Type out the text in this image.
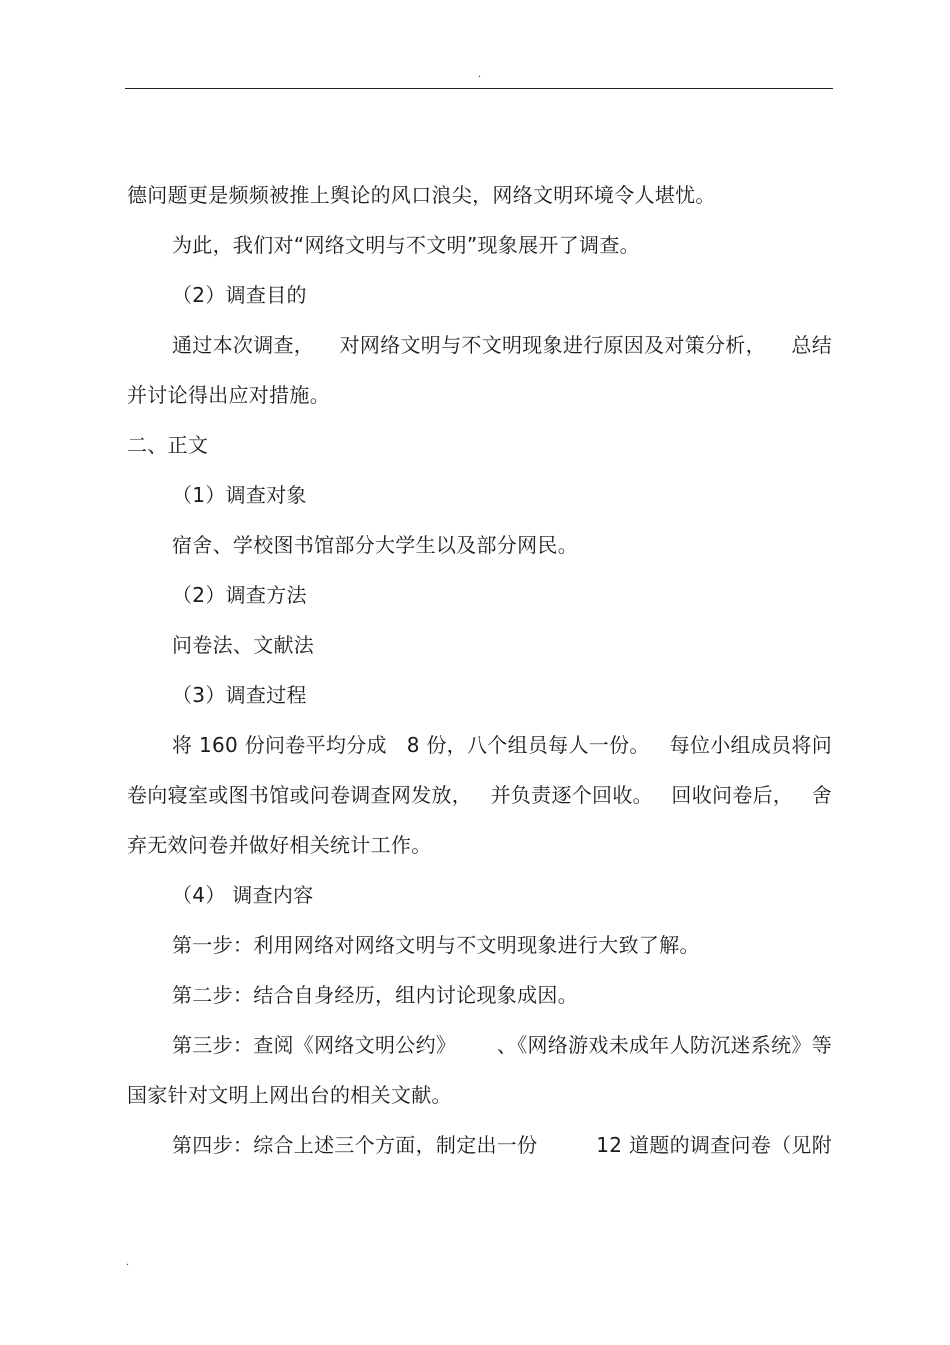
.
德问题更是频频被推上舆论的风口浪尖，网络文明环境令人堪忧。
为此，我们对“网络文明与不文明”现象展开了调查。
（2）调查目的
通过本次调查， 对网络文明与不文明现象进行原因及对策分析， 总结
并讨论得出应对措施。
二、正文
（1）调查对象
宿舍、学校图书馆部分大学生以及部分网民。
（2）调查方法
问卷法、文献法
（3）调查过程
将 160 份问卷平均分成 8 份，八个组员每人一份。 每位小组成员将问
卷向寝室或图书馆或问卷调查网发放， 并负责逐个回收。 回收问卷后， 舍
弃无效问卷并做好相关统计工作。
（4） 调查内容
第一步：利用网络对网络文明与不文明现象进行大致了解。
第二步：结合自身经历，组内讨论现象成因。
第三步：查阅《网络文明公约》 、《网络游戏未成年人防沉迷系统》等
国家针对文明上网出台的相关文献。
第四步：综合上述三个方面，制定出一份	12 道题的调查问卷（见附
.
